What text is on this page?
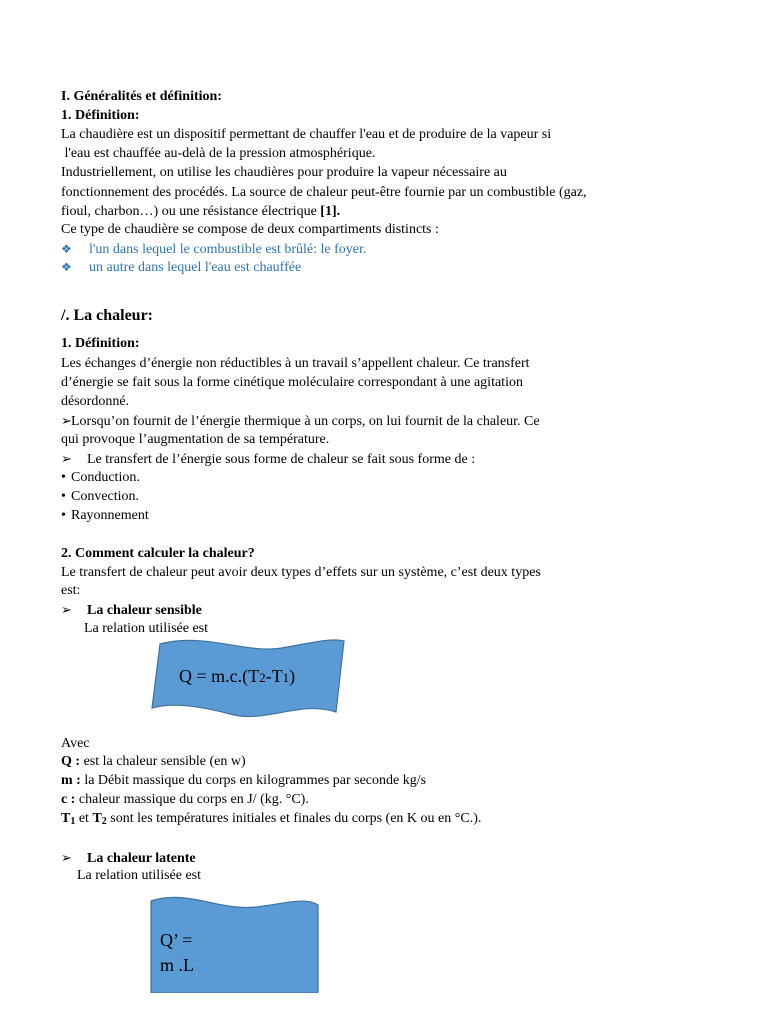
I. Généralités et définition:
1. Définition:
La chaudière est un dispositif permettant de chauffer l'eau et de produire de la vapeur si
l'eau est chauffée au-delà de la pression atmosphérique.
Industriellement, on utilise les chaudières pour produire la vapeur nécessaire au
fonctionnement des procédés. La source de chaleur peut-être fournie par un combustible (gaz,
fioul, charbon…) ou une résistance électrique [1].
Ce type de chaudière se compose de deux compartiments distincts :
❖ l'un dans lequel le combustible est brûlé: le foyer.
❖ un autre dans lequel l'eau est chauffée
/. La chaleur:
1. Définition:
Les échanges d’énergie non réductibles à un travail s’appellent chaleur. Ce transfert
d’énergie se fait sous la forme cinétique moléculaire correspondant à une agitation
désordonné.
➢Lorsqu’on fournit de l’énergie thermique à un corps, on lui fournit de la chaleur. Ce
qui provoque l’augmentation de sa température.
➢ Le transfert de l’énergie sous forme de chaleur se fait sous forme de :
• Conduction.
• Convection.
• Rayonnement
2. Comment calculer la chaleur?
Le transfert de chaleur peut avoir deux types d’effets sur un système, c’est deux types
est:
➢ La chaleur sensible
La relation utilisée est
Q = m.c.(T2-T1)
Avec
Q : est la chaleur sensible (en w)
m : la Débit massique du corps en kilogrammes par seconde kg/s
c : chaleur massique du corps en J/ (kg. °C).
$T_1$ et $T_2$ sont les températures initiales et finales du corps (en K ou en °C.).
➢ La chaleur latente
La relation utilisée est
Q’ =
m .L
